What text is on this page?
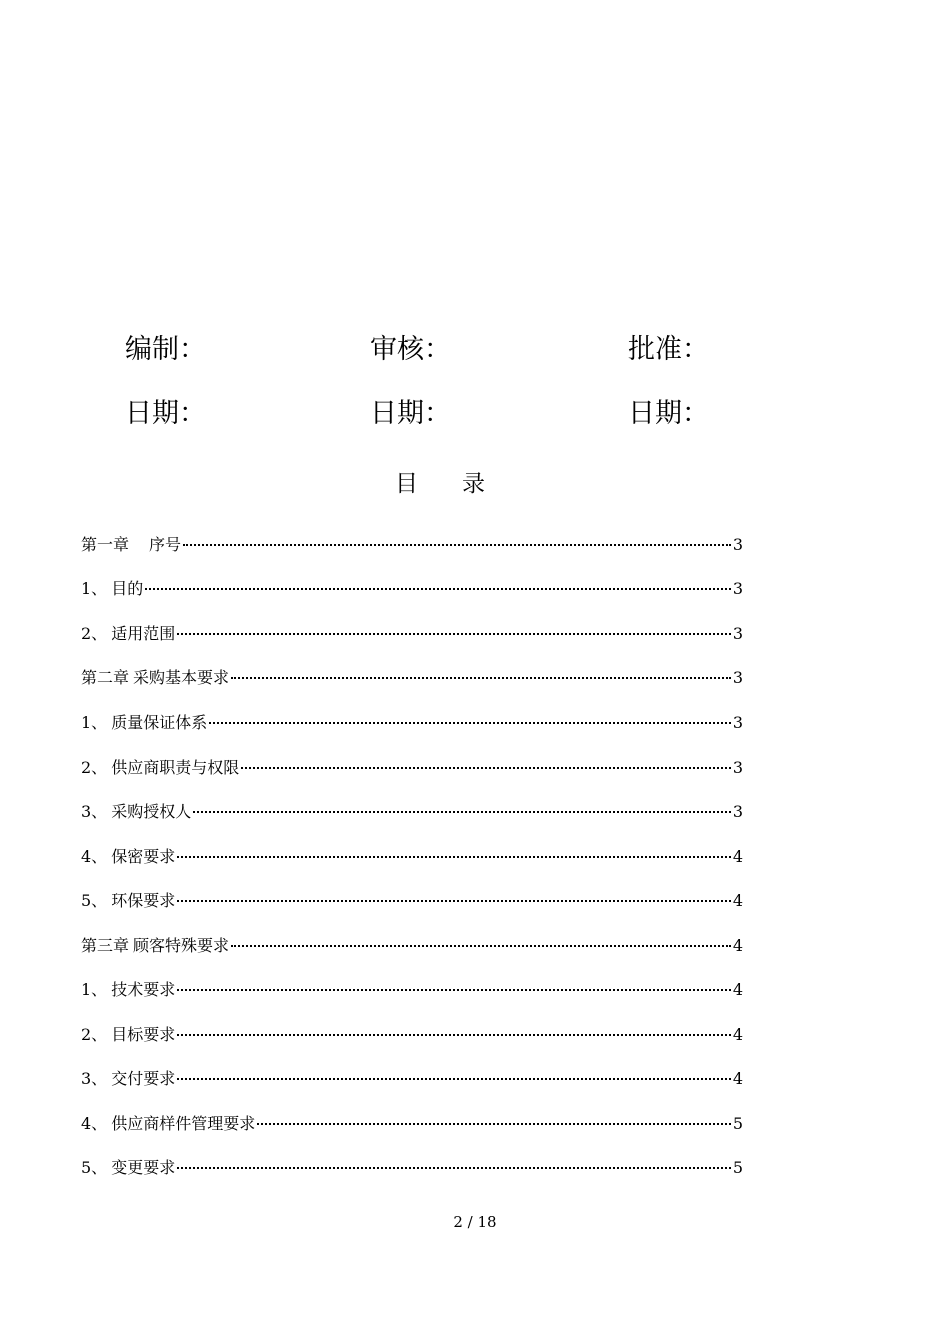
编制：	审核：	批准：
日期：	日期：	日期：
目录
第一章 　序号	3
1、 目的	3
2、 适用范围	3
第二章 采购基本要求	3
1、 质量保证体系	3
2、 供应商职责与权限	3
3、 采购授权人	3
4、 保密要求	4
5、 环保要求	4
第三章 顾客特殊要求	4
1、 技术要求	4
2、 目标要求	4
3、 交付要求	4
4、 供应商样件管理要求	5
5、 变更要求	5
2 / 18
